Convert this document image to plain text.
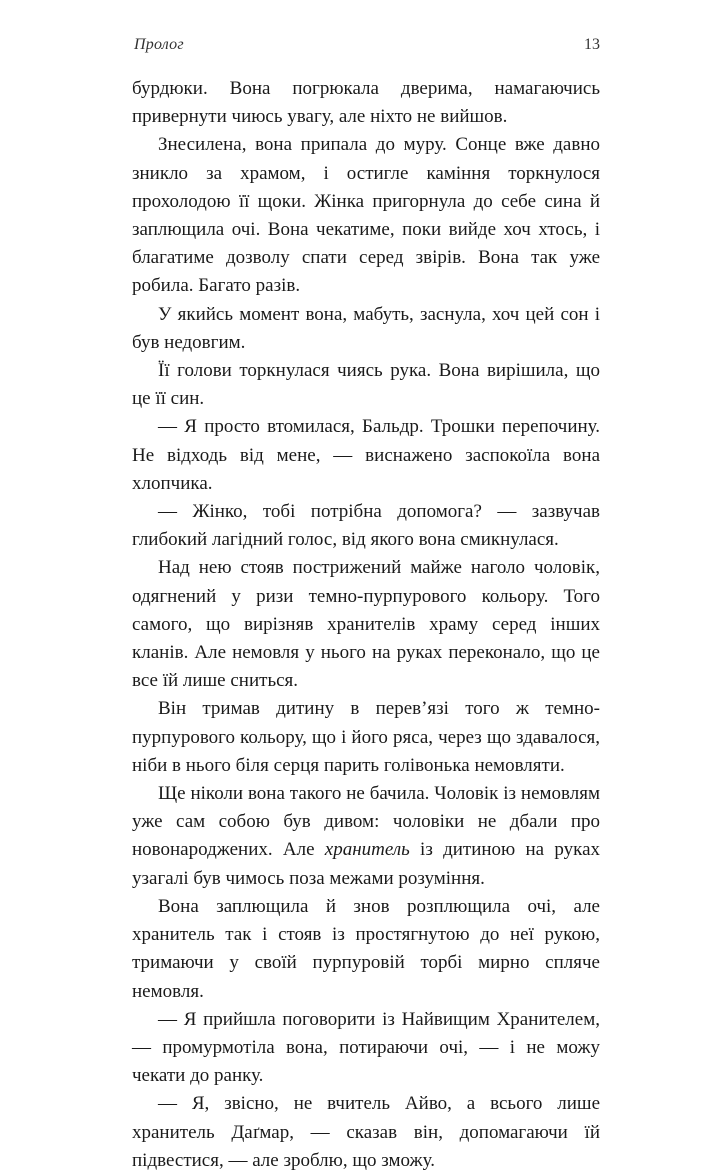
Пролог	13

бурдюки. Вона погрюкала дверима, намагаючись привернути чиюсь увагу, але ніхто не вийшов.

Знесилена, вона припала до муру. Сонце вже давно зникло за храмом, і остигле каміння торкнулося прохолодою її щоки. Жінка пригорнула до себе сина й заплющила очі. Вона чекатиме, поки вийде хоч хтось, і благатиме дозволу спати серед звірів. Вона так уже робила. Багато разів.

У якийсь момент вона, мабуть, заснула, хоч цей сон і був недовгим.

Її голови торкнулася чиясь рука. Вона вирішила, що це її син.

— Я просто втомилася, Бальдр. Трошки перепочину. Не відходь від мене, — виснажено заспокоїла вона хлопчика.

— Жінко, тобі потрібна допомога? — зазвучав глибокий лагідний голос, від якого вона смикнулася.

Над нею стояв пострижений майже наголо чоловік, одягнений у ризи темно-пурпурового кольору. Того самого, що вирізняв хранителів храму серед інших кланів. Але немовля у нього на руках переконало, що це все їй лише сниться.

Він тримав дитину в перев’язі того ж темно-пурпурового кольору, що і його ряса, через що здавалося, ніби в нього біля серця парить голівонька немовляти.

Ще ніколи вона такого не бачила. Чоловік із немовлям уже сам собою був дивом: чоловіки не дбали про новонароджених. Але хранитель із дитиною на руках узагалі був чимось поза межами розуміння.

Вона заплющила й знов розплющила очі, але хранитель так і стояв із простягнутою до неї рукою, тримаючи у своїй пурпуровій торбі мирно спляче немовля.

— Я прийшла поговорити із Найвищим Хранителем, — промурмотіла вона, потираючи очі, — і не можу чекати до ранку.

— Я, звісно, не вчитель Айво, а всього лише хранитель Даґмар, — сказав він, допомагаючи їй підвестися, — але зроблю, що зможу.
